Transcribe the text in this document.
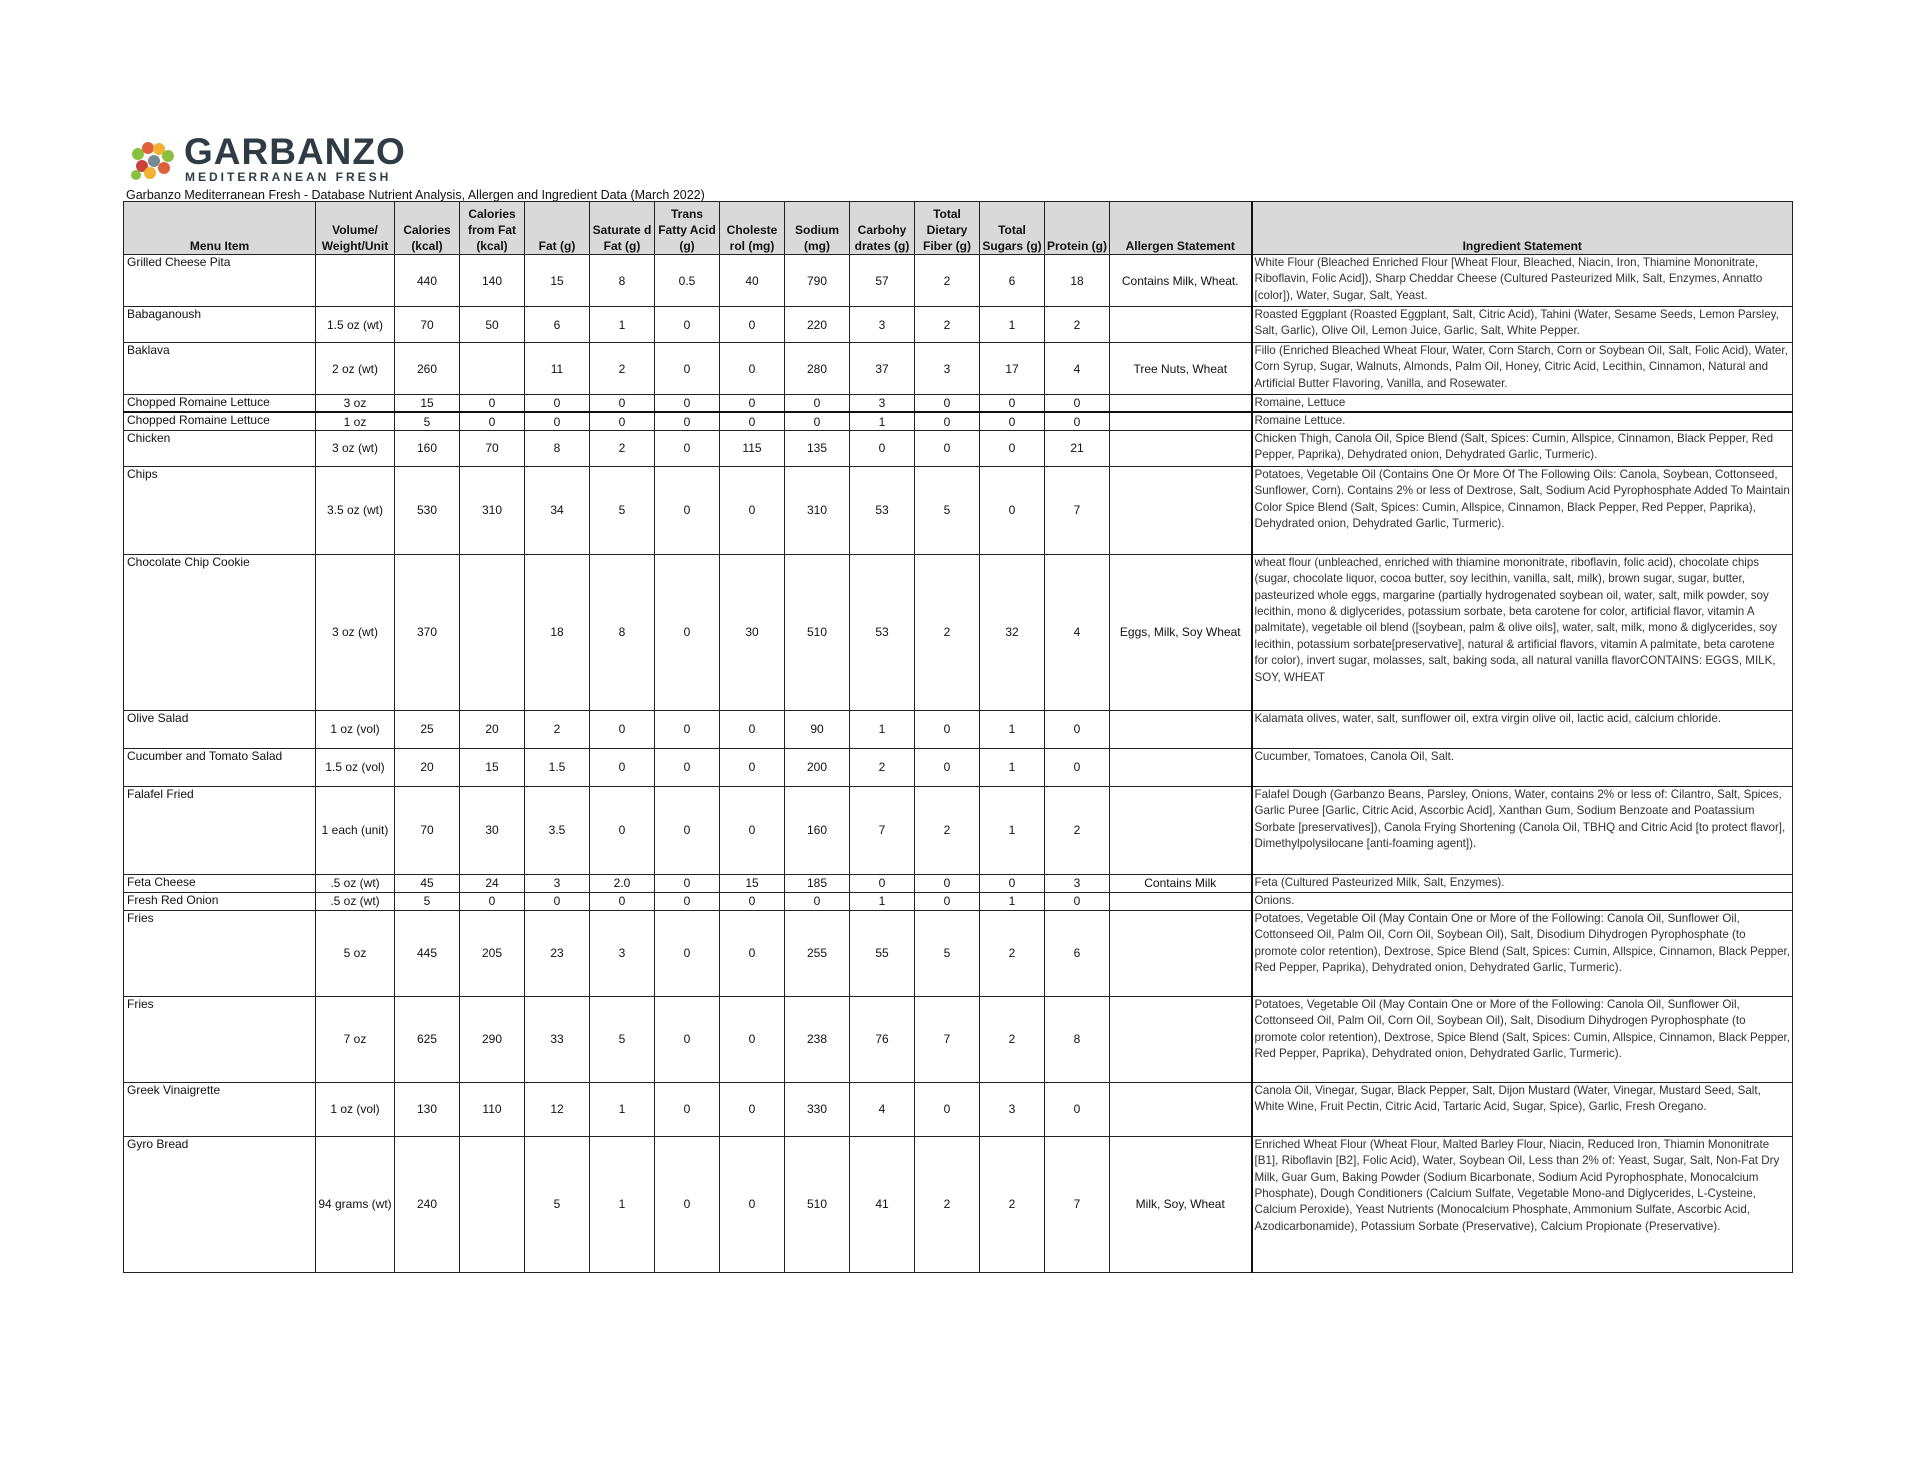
GARBANZO
MEDITERRANEAN FRESH
Garbanzo Mediterranean Fresh - Database Nutrient Analysis, Allergen and Ingredient Data (March 2022)
Menu Item	Volume/ Weight/Unit	Calories (kcal)	Calories from Fat (kcal)	Fat (g)	Saturate d Fat (g)	Trans Fatty Acid (g)	Choleste rol (mg)	Sodium (mg)	Carbohy drates (g)	Total Dietary Fiber (g)	Total Sugars (g)	Protein (g)	Allergen Statement	Ingredient Statement
Grilled Cheese Pita		440	140	15	8	0.5	40	790	57	2	6	18	Contains Milk, Wheat.	White Flour (Bleached Enriched Flour [Wheat Flour, Bleached, Niacin, Iron, Thiamine Mononitrate, Riboflavin, Folic Acid]), Sharp Cheddar Cheese (Cultured Pasteurized Milk, Salt, Enzymes, Annatto [color]), Water, Sugar, Salt, Yeast.
Babaganoush	1.5 oz (wt)	70	50	6	1	0	0	220	3	2	1	2		Roasted Eggplant (Roasted Eggplant, Salt, Citric Acid), Tahini (Water, Sesame Seeds, Lemon Parsley, Salt, Garlic), Olive Oil, Lemon Juice, Garlic, Salt, White Pepper.
Baklava	2 oz (wt)	260		11	2	0	0	280	37	3	17	4	Tree Nuts, Wheat	Fillo (Enriched Bleached Wheat Flour, Water, Corn Starch, Corn or Soybean Oil, Salt, Folic Acid), Water, Corn Syrup, Sugar, Walnuts, Almonds, Palm Oil, Honey, Citric Acid, Lecithin, Cinnamon, Natural and Artificial Butter Flavoring, Vanilla, and Rosewater.
Chopped Romaine Lettuce	3 oz	15	0	0	0	0	0	0	3	0	0	0		Romaine, Lettuce
Chopped Romaine Lettuce	1 oz	5	0	0	0	0	0	0	1	0	0	0		Romaine Lettuce.
Chicken	3 oz (wt)	160	70	8	2	0	115	135	0	0	0	21		Chicken Thigh, Canola Oil, Spice Blend (Salt, Spices: Cumin, Allspice, Cinnamon, Black Pepper, Red Pepper, Paprika), Dehydrated onion, Dehydrated Garlic, Turmeric).
Chips	3.5 oz (wt)	530	310	34	5	0	0	310	53	5	0	7		Potatoes, Vegetable Oil (Contains One Or More Of The Following Oils: Canola, Soybean, Cottonseed, Sunflower, Corn). Contains 2% or less of Dextrose, Salt, Sodium Acid Pyrophosphate Added To Maintain Color Spice Blend (Salt, Spices: Cumin, Allspice, Cinnamon, Black Pepper, Red Pepper, Paprika), Dehydrated onion, Dehydrated Garlic, Turmeric).
Chocolate Chip Cookie	3 oz (wt)	370		18	8	0	30	510	53	2	32	4	Eggs, Milk, Soy Wheat	wheat flour (unbleached, enriched with thiamine mononitrate, riboflavin, folic acid), chocolate chips (sugar, chocolate liquor, cocoa butter, soy lecithin, vanilla, salt, milk), brown sugar, sugar, butter, pasteurized whole eggs, margarine (partially hydrogenated soybean oil, water, salt, milk powder, soy lecithin, mono & diglycerides, potassium sorbate, beta carotene for color, artificial flavor, vitamin A palmitate), vegetable oil blend ([soybean, palm & olive oils], water, salt, milk, mono & diglycerides, soy lecithin, potassium sorbate[preservative], natural & artificial flavors, vitamin A palmitate, beta carotene for color), invert sugar, molasses, salt, baking soda, all natural vanilla flavorCONTAINS: EGGS, MILK, SOY, WHEAT
Olive Salad	1 oz (vol)	25	20	2	0	0	0	90	1	0	1	0		Kalamata olives, water, salt, sunflower oil, extra virgin olive oil, lactic acid, calcium chloride.
Cucumber and Tomato Salad	1.5 oz (vol)	20	15	1.5	0	0	0	200	2	0	1	0		Cucumber, Tomatoes, Canola Oil, Salt.
Falafel Fried	1 each (unit)	70	30	3.5	0	0	0	160	7	2	1	2		Falafel Dough (Garbanzo Beans, Parsley, Onions, Water, contains 2% or less of: Cilantro, Salt, Spices, Garlic Puree [Garlic, Citric Acid, Ascorbic Acid], Xanthan Gum, Sodium Benzoate and Poatassium Sorbate [preservatives]), Canola Frying Shortening (Canola Oil, TBHQ and Citric Acid [to protect flavor], Dimethylpolysilocane [anti-foaming agent]).
Feta Cheese	.5 oz (wt)	45	24	3	2.0	0	15	185	0	0	0	3	Contains Milk	Feta (Cultured Pasteurized Milk, Salt, Enzymes).
Fresh Red Onion	.5 oz (wt)	5	0	0	0	0	0	0	1	0	1	0		Onions.
Fries	5 oz	445	205	23	3	0	0	255	55	5	2	6		Potatoes, Vegetable Oil (May Contain One or More of the Following: Canola Oil, Sunflower Oil, Cottonseed Oil, Palm Oil, Corn Oil, Soybean Oil), Salt, Disodium Dihydrogen Pyrophosphate (to promote color retention), Dextrose, Spice Blend (Salt, Spices: Cumin, Allspice, Cinnamon, Black Pepper, Red Pepper, Paprika), Dehydrated onion, Dehydrated Garlic, Turmeric).
Fries	7 oz	625	290	33	5	0	0	238	76	7	2	8		Potatoes, Vegetable Oil (May Contain One or More of the Following: Canola Oil, Sunflower Oil, Cottonseed Oil, Palm Oil, Corn Oil, Soybean Oil), Salt, Disodium Dihydrogen Pyrophosphate (to promote color retention), Dextrose, Spice Blend (Salt, Spices: Cumin, Allspice, Cinnamon, Black Pepper, Red Pepper, Paprika), Dehydrated onion, Dehydrated Garlic, Turmeric).
Greek Vinaigrette	1 oz (vol)	130	110	12	1	0	0	330	4	0	3	0		Canola Oil, Vinegar, Sugar, Black Pepper, Salt, Dijon Mustard (Water, Vinegar, Mustard Seed, Salt, White Wine, Fruit Pectin, Citric Acid, Tartaric Acid, Sugar, Spice), Garlic, Fresh Oregano.
Gyro Bread	94 grams (wt)	240		5	1	0	0	510	41	2	2	7	Milk, Soy, Wheat	Enriched Wheat Flour (Wheat Flour, Malted Barley Flour, Niacin, Reduced Iron, Thiamin Mononitrate [B1], Riboflavin [B2], Folic Acid), Water, Soybean Oil, Less than 2% of: Yeast, Sugar, Salt, Non-Fat Dry Milk, Guar Gum, Baking Powder (Sodium Bicarbonate, Sodium Acid Pyrophosphate, Monocalcium Phosphate), Dough Conditioners (Calcium Sulfate, Vegetable Mono-and Diglycerides, L-Cysteine, Calcium Peroxide), Yeast Nutrients (Monocalcium Phosphate, Ammonium Sulfate, Ascorbic Acid, Azodicarbonamide), Potassium Sorbate (Preservative), Calcium Propionate (Preservative).
